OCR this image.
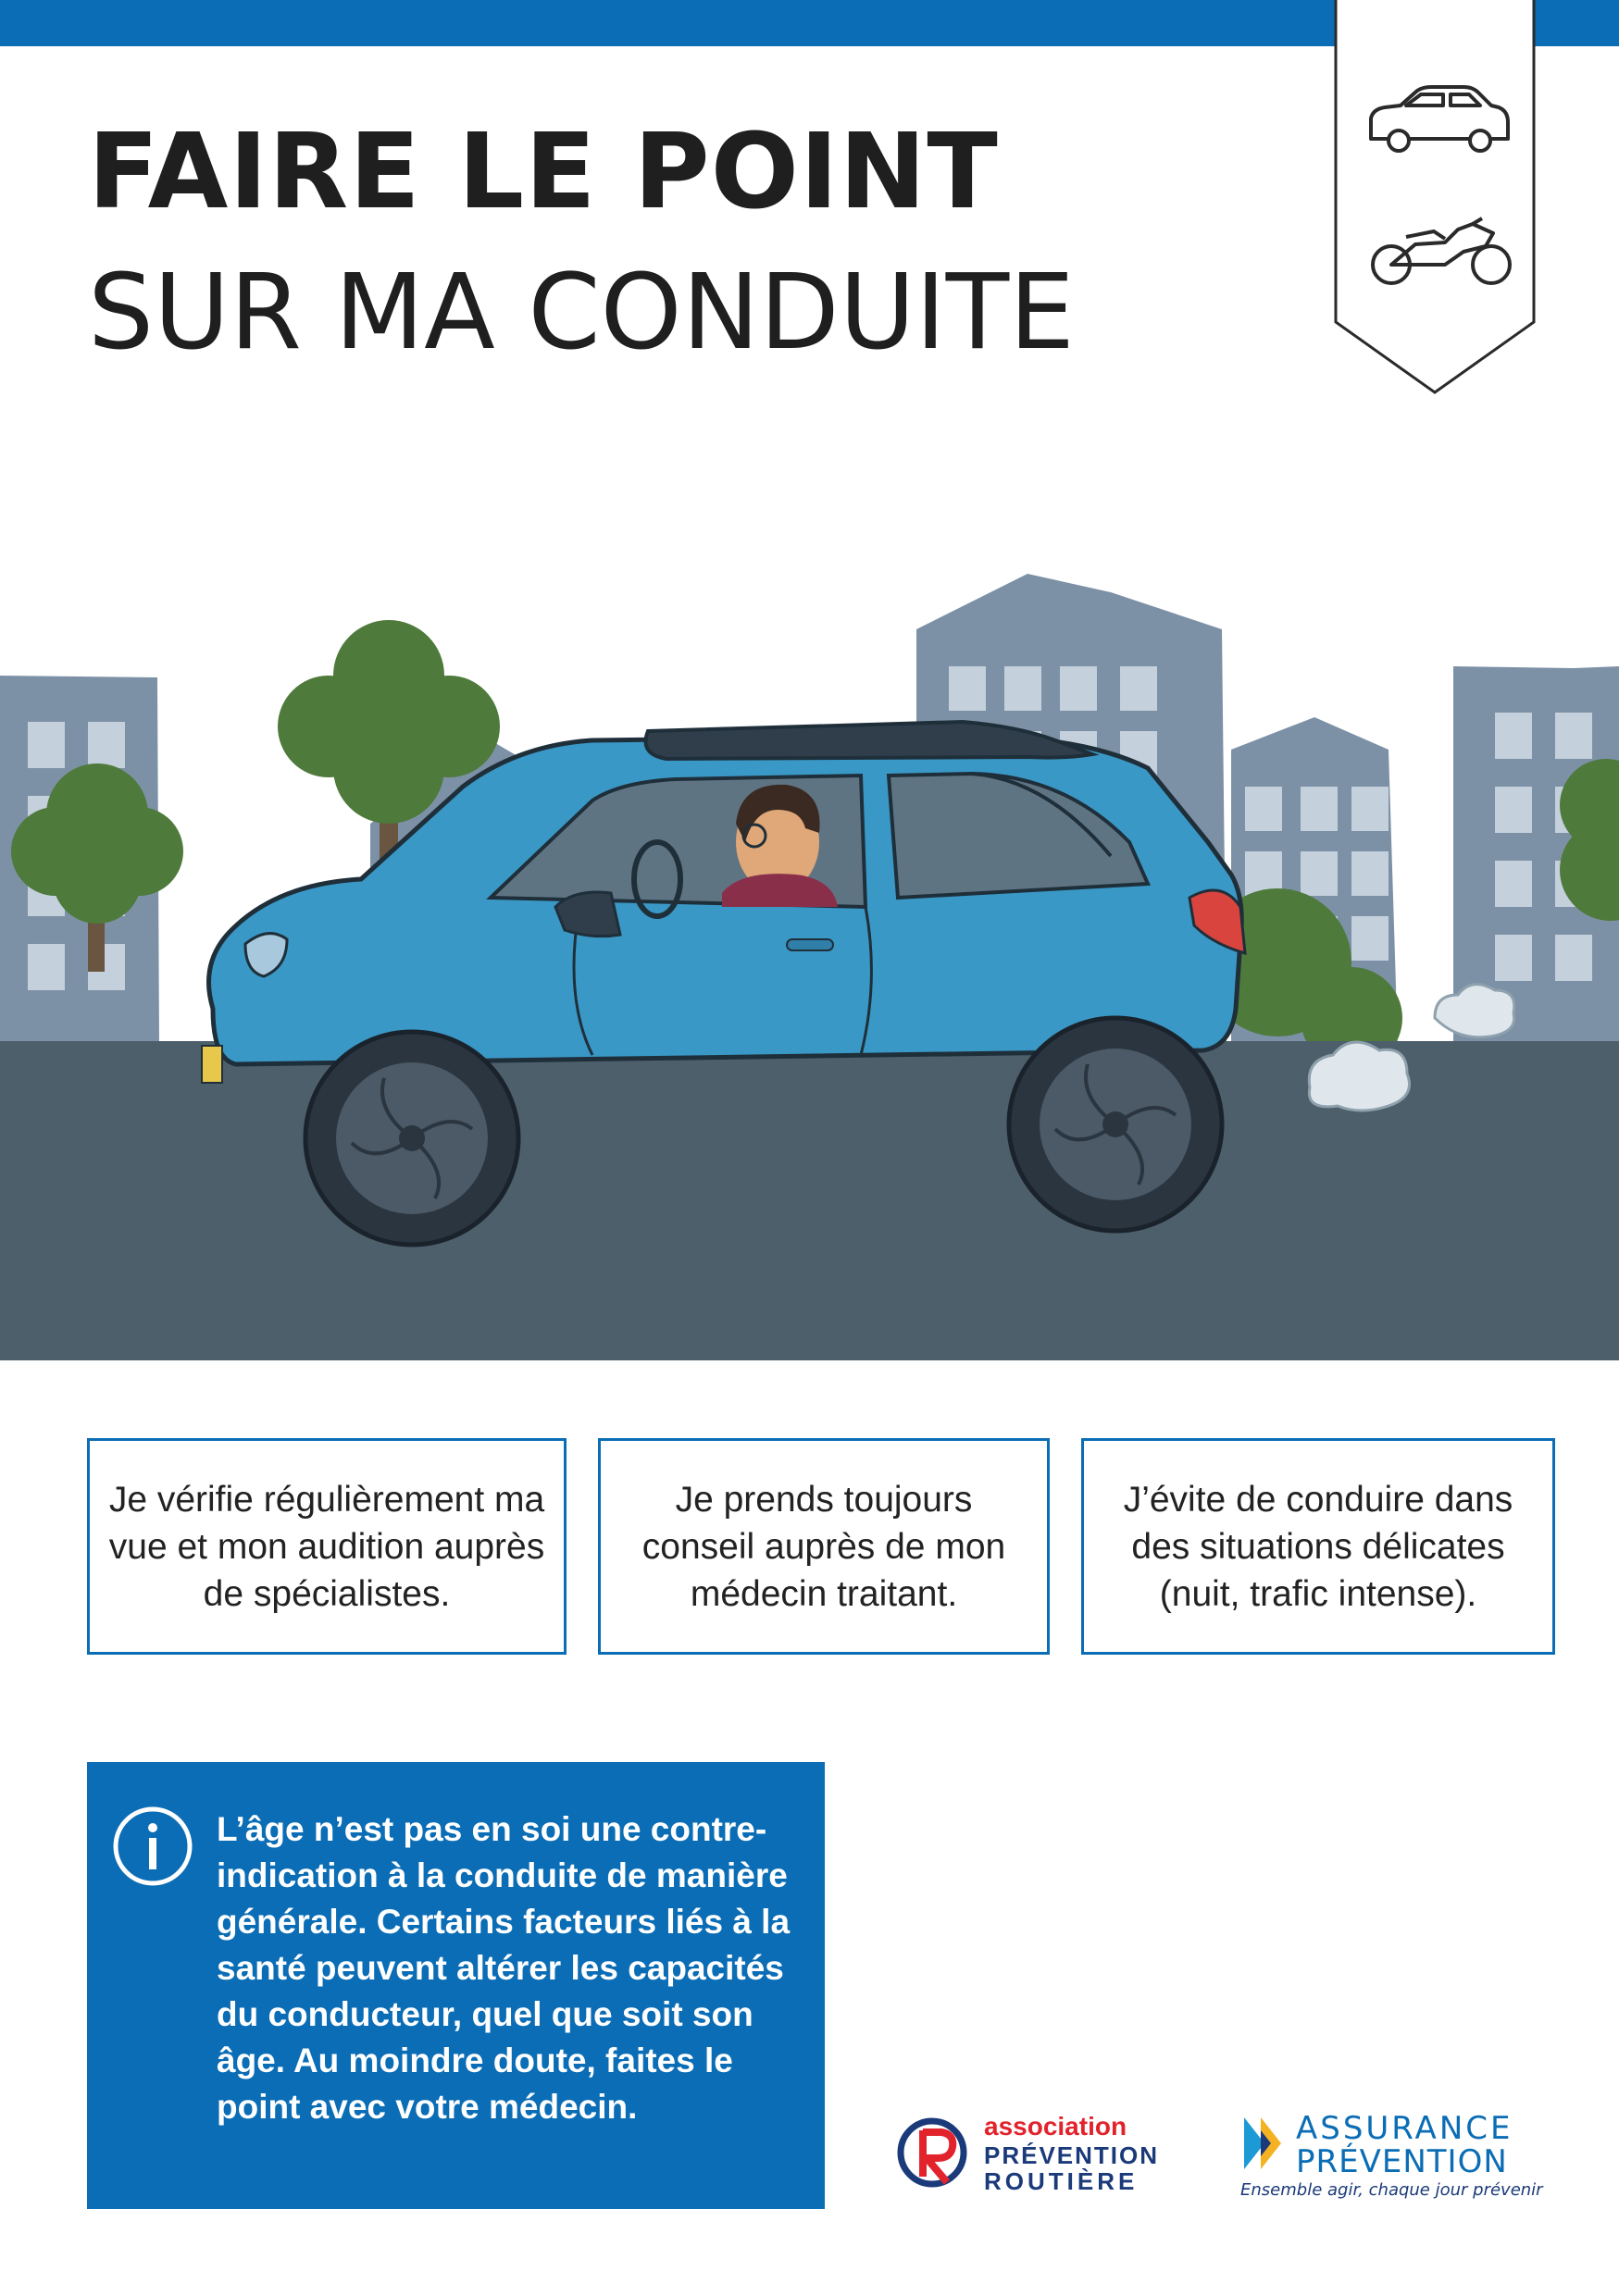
FAIRE LE POINT
SUR MA CONDUITE
Je vérifie régulièrement ma vue et mon audition auprès de spécialistes.
Je prends toujours conseil auprès de mon médecin traitant.
J’évite de conduire dans des situations délicates (nuit, trafic intense).

L’âge n’est pas en soi une contre-indication à la conduite de manière générale. Certains facteurs liés à la santé peuvent altérer les capacités du conducteur, quel que soit son âge. Au moindre doute, faites le point avec votre médecin.

association
PRÉVENTION
ROUTIÈRE
ASSURANCE
PRÉVENTION
Ensemble agir, chaque jour prévenir
